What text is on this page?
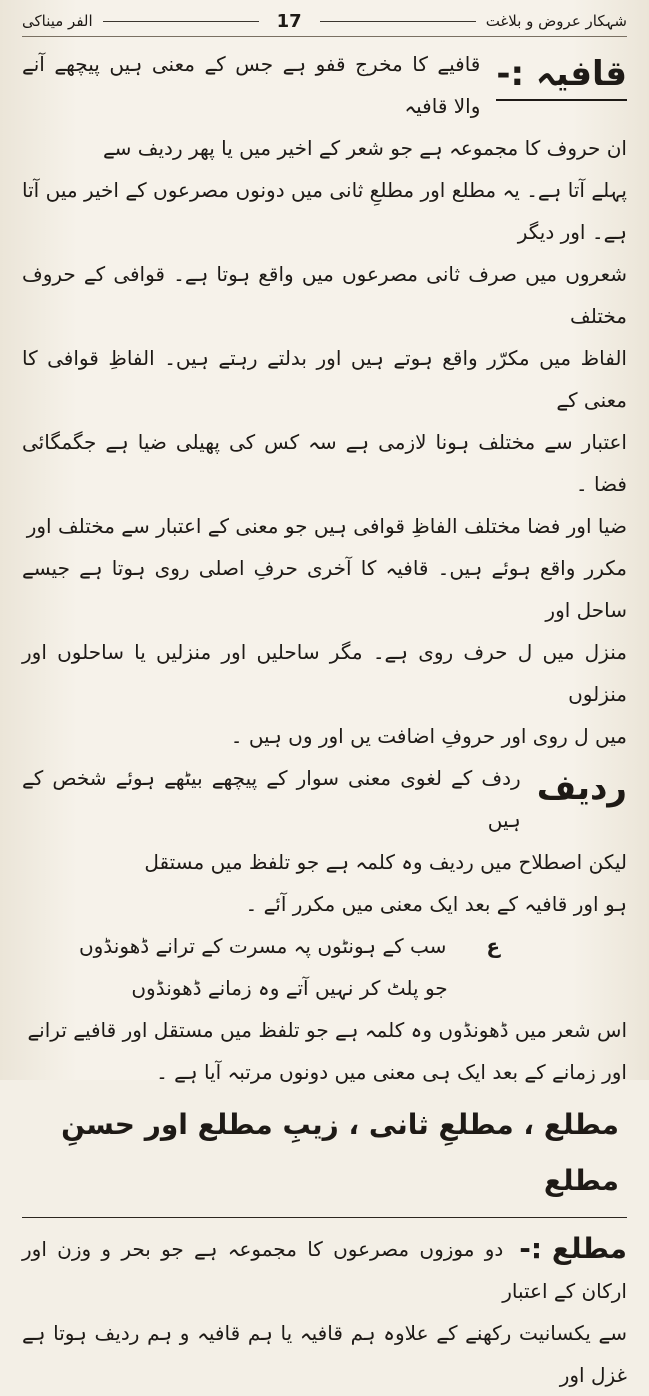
شہکار عروض و بلاغت
17
الفر میناکی
قافیہ :-

قافیے کا مخرج قفو ہے جس کے معنی ہیں پیچھے آنے والا قافیہ

ان حروف کا مجموعہ ہے جو شعر کے اخیر میں یا پھر ردیف سے

پہلے آتا ہے۔ یہ مطلع اور مطلعِ ثانی میں دونوں مصرعوں کے اخیر میں آتا ہے۔ اور دیگر

شعروں میں صرف ثانی مصرعوں میں واقع ہوتا ہے۔ قوافی کے حروف مختلف

الفاظ میں مکرّر واقع ہوتے ہیں اور بدلتے رہتے ہیں۔ الفاظِ قوافی کا معنی کے

اعتبار سے مختلف ہونا لازمی ہے سہ کس کی پھیلی ضیا ہے جگمگائی فضا ۔

ضیا اور فضا مختلف الفاظِ قوافی ہیں جو معنی کے اعتبار سے مختلف اور

مکرر واقع ہوئے ہیں۔ قافیہ کا آخری حرفِ اصلی روی ہوتا ہے جیسے ساحل اور

منزل میں ل حرف روی ہے۔ مگر ساحلیں اور منزلیں یا ساحلوں اور منزلوں

میں ل روی اور حروفِ اضافت یں اور وں ہیں ۔

ردیف

ردف کے لغوی معنی سوار کے پیچھے بیٹھے ہوئے شخص کے ہیں

لیکن اصطلاح میں ردیف وہ کلمہ ہے جو تلفظ میں مستقل

ہو اور قافیہ کے بعد ایک معنی میں مکرر آئے ۔

عسب کے ہونٹوں پہ مسرت کے ترانے ڈھونڈوں

جو پلٹ کر نہیں آتے وہ زمانے ڈھونڈوں

اس شعر میں ڈھونڈوں وہ کلمہ ہے جو تلفظ میں مستقل اور قافیے ترانے

اور زمانے کے بعد ایک ہی معنی میں دونوں مرتبہ آیا ہے ۔

مطلع ، مطلعِ ثانی ، زیبِ مطلع اور حسنِ مطلع
مطلع :-

دو موزوں مصرعوں کا مجموعہ ہے جو بحر و وزن اور ارکان کے اعتبار

سے یکسانیت رکھنے کے علاوہ ہم قافیہ یا ہم قافیہ و ہم ردیف ہوتا ہے غزل اور
